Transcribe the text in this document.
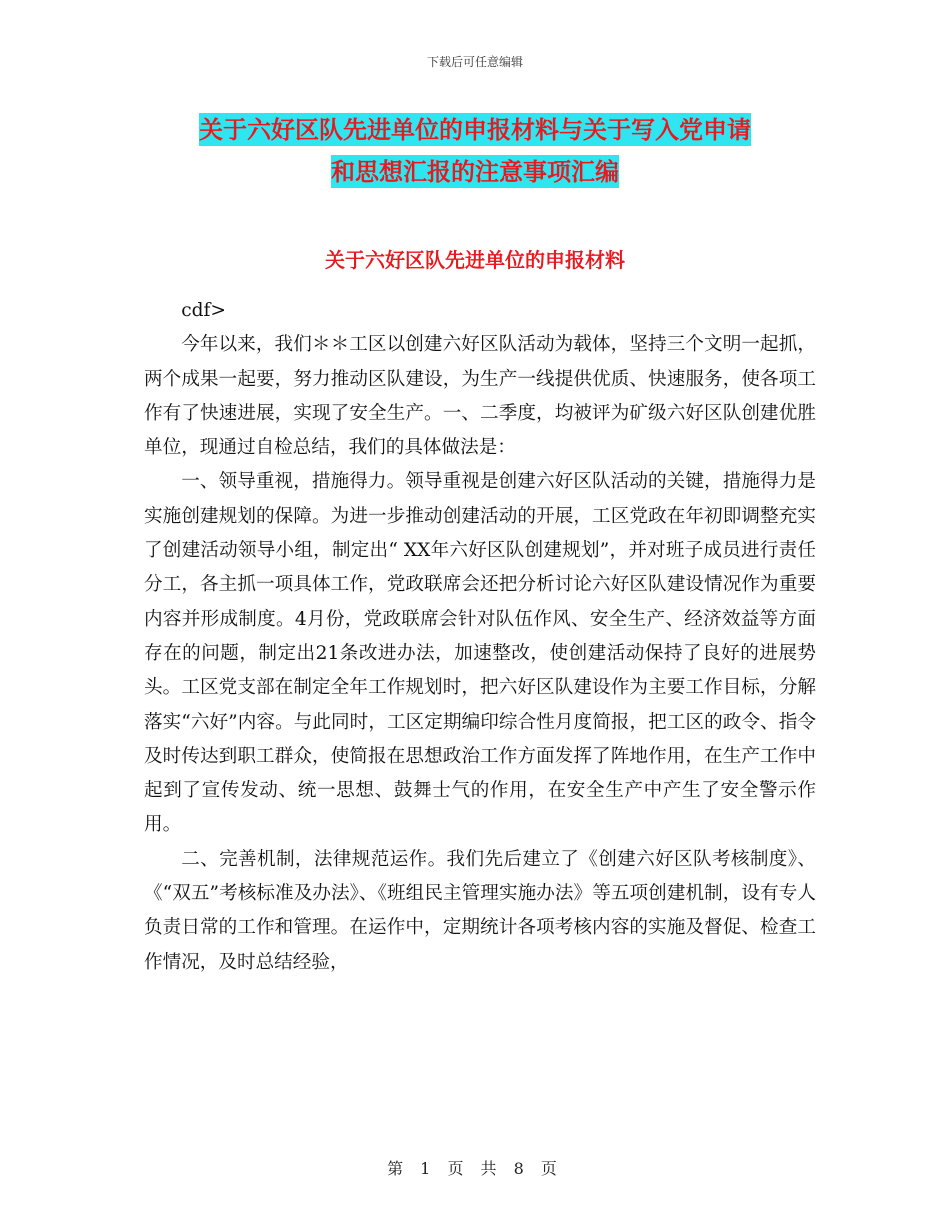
下载后可任意编辑
关于六好区队先进单位的申报材料与关于写入党申请
和思想汇报的注意事项汇编
关于六好区队先进单位的申报材料

cdf>

今年以来，我们＊＊工区以创建六好区队活动为载体，坚持三个文明一起抓，两个成果一起要，努力推动区队建设，为生产一线提供优质、快速服务，使各项工作有了快速进展，实现了安全生产。一、二季度，均被评为矿级六好区队创建优胜单位，现通过自检总结，我们的具体做法是：

一、领导重视，措施得力。领导重视是创建六好区队活动的关键，措施得力是实施创建规划的保障。为进一步推动创建活动的开展，工区党政在年初即调整充实了创建活动领导小组，制定出“ XX年六好区队创建规划”，并对班子成员进行责任分工，各主抓一项具体工作，党政联席会还把分析讨论六好区队建设情况作为重要内容并形成制度。4月份，党政联席会针对队伍作风、安全生产、经济效益等方面存在的问题，制定出21条改进办法，加速整改，使创建活动保持了良好的进展势头。工区党支部在制定全年工作规划时，把六好区队建设作为主要工作目标，分解落实“六好”内容。与此同时，工区定期编印综合性月度简报，把工区的政令、指令及时传达到职工群众，使简报在思想政治工作方面发挥了阵地作用，在生产工作中起到了宣传发动、统一思想、鼓舞士气的作用，在安全生产中产生了安全警示作用。

二、完善机制，法律规范运作。我们先后建立了《创建六好区队考核制度》、《“双五”考核标准及办法》、《班组民主管理实施办法》等五项创建机制，设有专人负责日常的工作和管理。在运作中，定期统计各项考核内容的实施及督促、检查工作情况，及时总结经验，

第 1 页 共 8 页
